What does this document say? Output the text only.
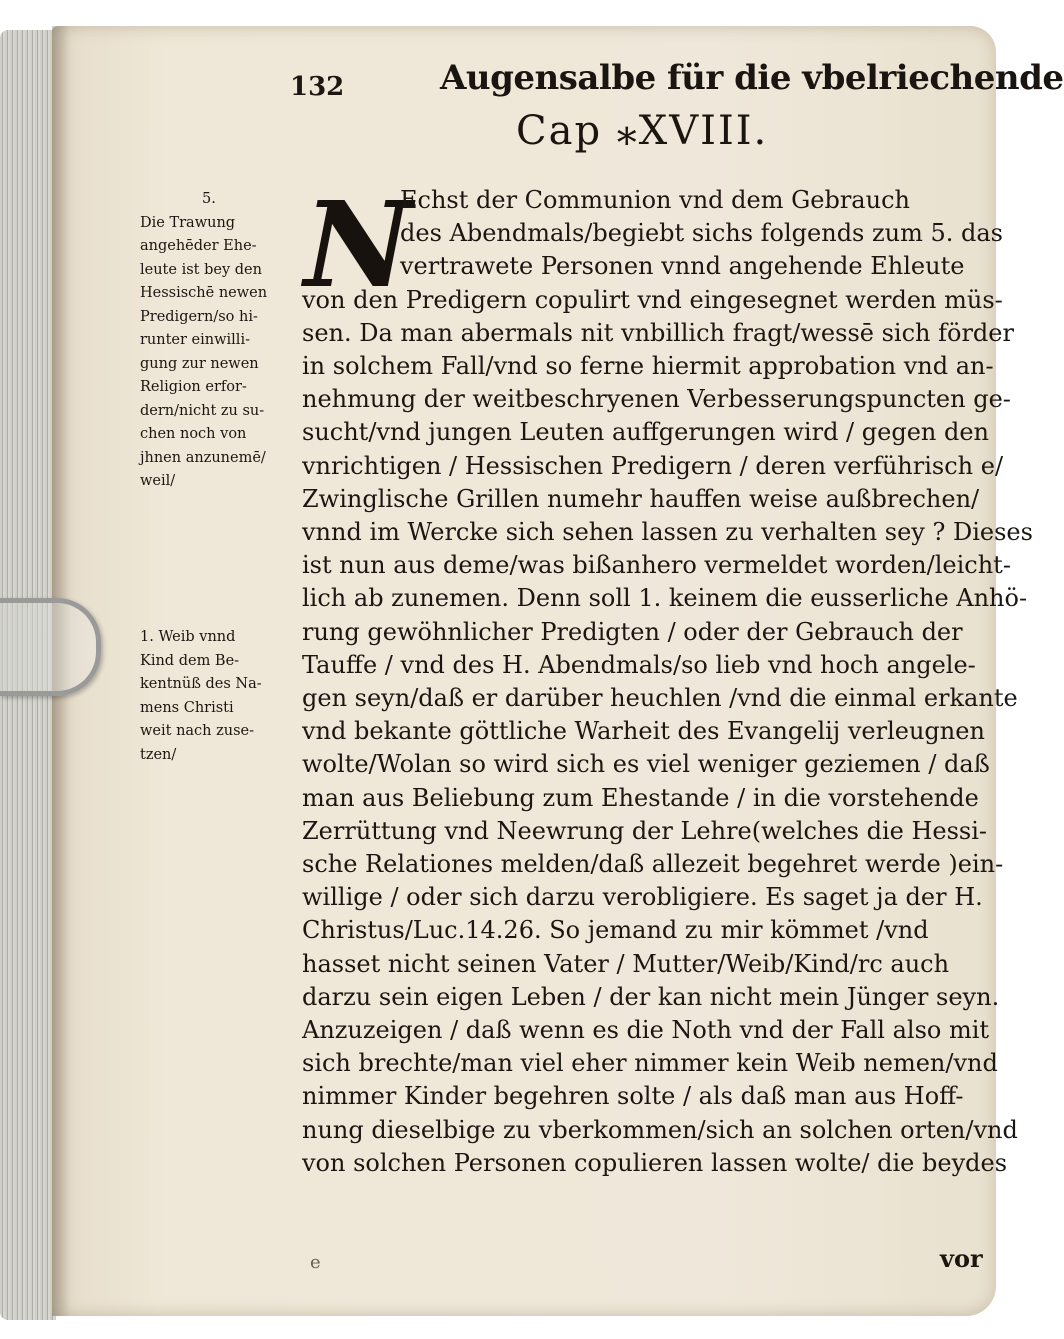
132	Augensalbe für die vbelriechende
Cap ⁎XVIII.
5.
Die Trawung
angehēder Ehe-
leute ist bey den
Hessischē newen
Predigern/so hi-
runter einwilli-
gung zur newen
Religion erfor-
dern/nicht zu su-
chen noch von
jhnen anzunemē/
weil/
1. Weib vnnd
Kind dem Be-
kentnüß des Na-
mens Christi
weit nach zuse-
tzen/
N
Echst der Communion vnd dem Gebrauch
des Abendmals/begiebt sichs folgends zum 5. das
vertrawete Personen vnnd angehende Ehleute
von den Predigern copulirt vnd eingesegnet werden müs-
sen. Da man abermals nit vnbillich fragt/wessē sich förder
in solchem Fall/vnd so ferne hiermit approbation vnd an-
nehmung der weitbeschryenen Verbesserungspuncten ge-
sucht/vnd jungen Leuten auffgerungen wird / gegen den
vnrichtigen / Hessischen Predigern / deren verführisch e/
Zwinglische Grillen numehr hauffen weise außbrechen/
vnnd im Wercke sich sehen lassen zu verhalten sey ? Dieses
ist nun aus deme/was bißanhero vermeldet worden/leicht-
lich ab zunemen. Denn soll 1. keinem die eusserliche Anhö-
rung gewöhnlicher Predigten / oder der Gebrauch der
Tauffe / vnd des H. Abendmals/so lieb vnd hoch angele-
gen seyn/daß er darüber heuchlen /vnd die einmal erkante
vnd bekante göttliche Warheit des Evangelij verleugnen
wolte/Wolan so wird sich es viel weniger geziemen / daß
man aus Beliebung zum Ehestande / in die vorstehende
Zerrüttung vnd Neewrung der Lehre(welches die Hessi-
sche Relationes melden/daß allezeit begehret werde )ein-
willige / oder sich darzu verobligiere. Es saget ja der H.
Christus/Luc.14.26. So jemand zu mir kömmet /vnd
hasset nicht seinen Vater / Mutter/Weib/Kind/rc auch
darzu sein eigen Leben / der kan nicht mein Jünger seyn.
Anzuzeigen / daß wenn es die Noth vnd der Fall also mit
sich brechte/man viel eher nimmer kein Weib nemen/vnd
nimmer Kinder begehren solte / als daß man aus Hoff-
nung dieselbige zu vberkommen/sich an solchen orten/vnd
von solchen Personen copulieren lassen wolte/ die beydes
e	vor
